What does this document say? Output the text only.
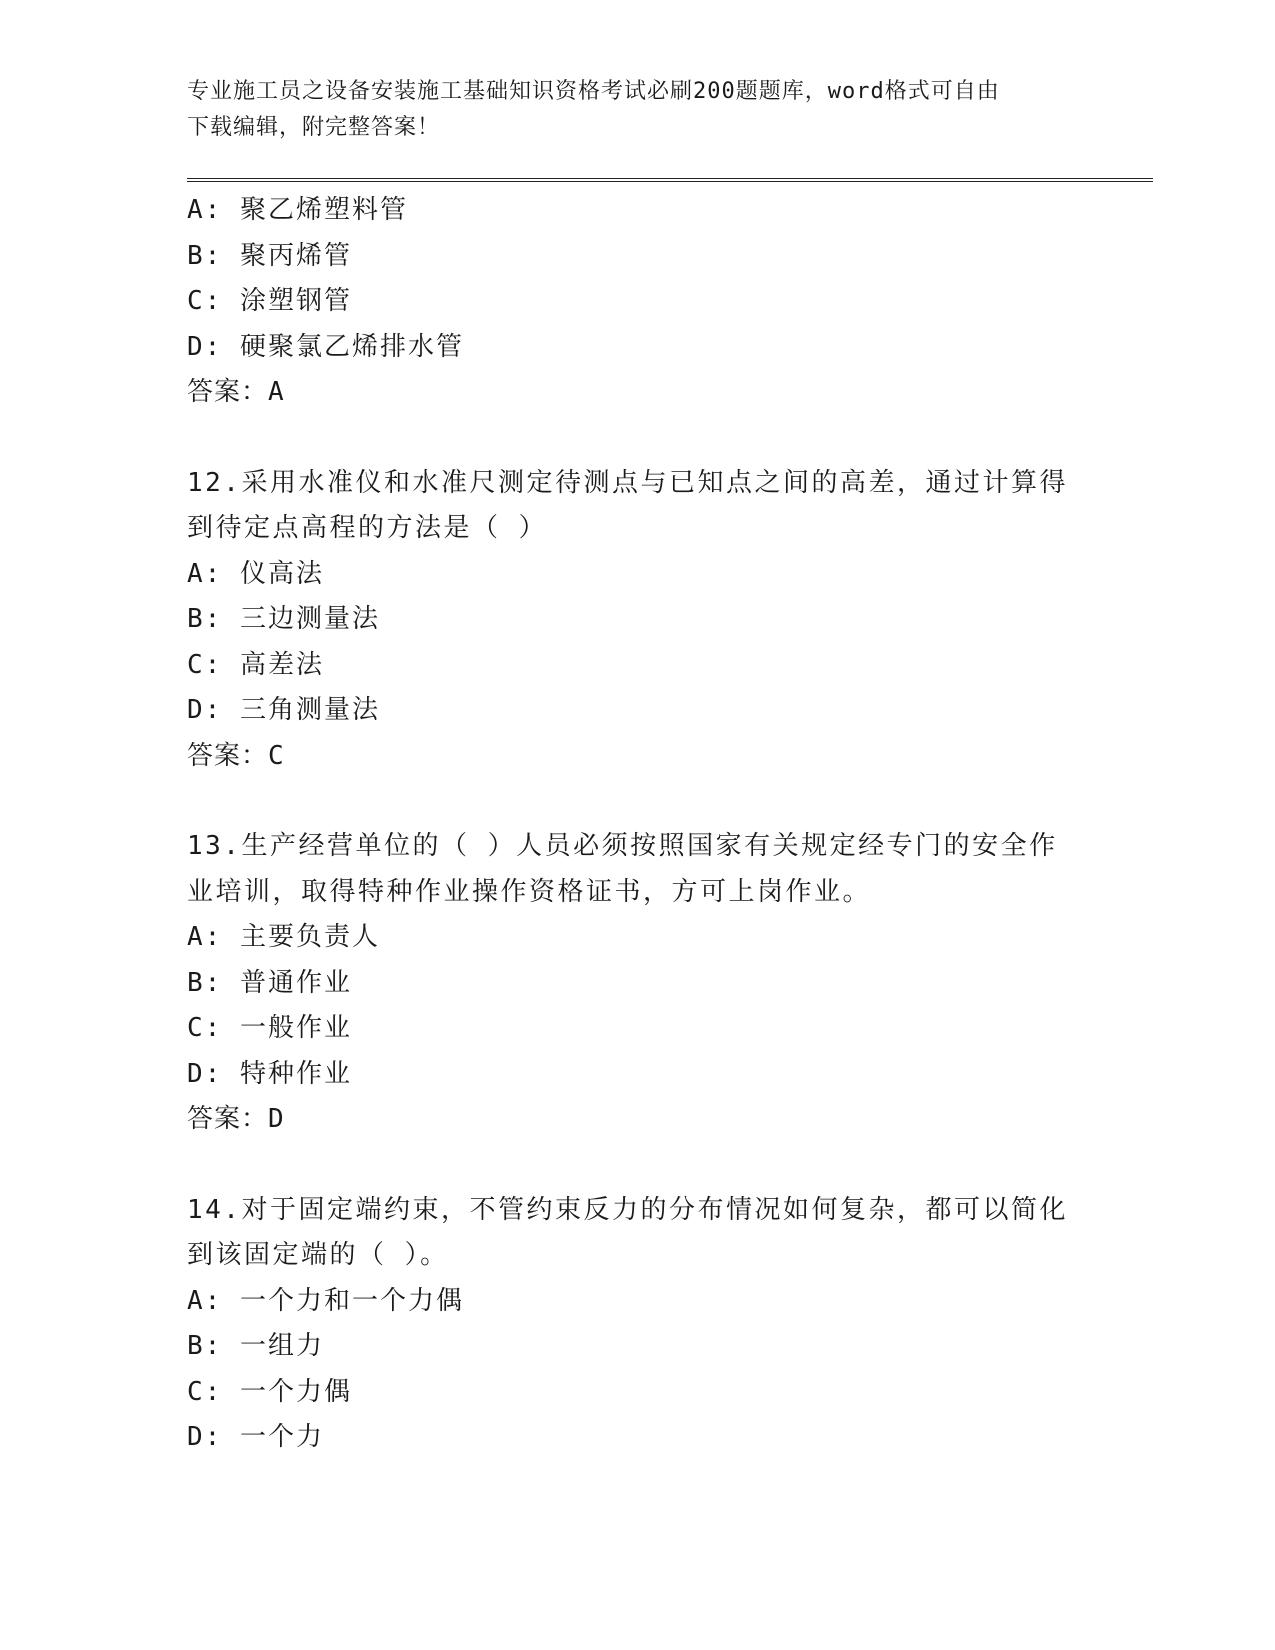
专业施工员之设备安装施工基础知识资格考试必刷200题题库，word格式可自由
下载编辑，附完整答案！
A: 聚乙烯塑料管
B: 聚丙烯管
C: 涂塑钢管
D: 硬聚氯乙烯排水管
答案：A
12.采用水准仪和水准尺测定待测点与已知点之间的高差，通过计算得
到待定点高程的方法是（ ）
A: 仪高法
B: 三边测量法
C: 高差法
D: 三角测量法
答案：C
13.生产经营单位的（ ）人员必须按照国家有关规定经专门的安全作
业培训，取得特种作业操作资格证书，方可上岗作业。
A: 主要负责人
B: 普通作业
C: 一般作业
D: 特种作业
答案：D
14.对于固定端约束，不管约束反力的分布情况如何复杂，都可以简化
到该固定端的（ ）。
A: 一个力和一个力偶
B: 一组力
C: 一个力偶
D: 一个力
